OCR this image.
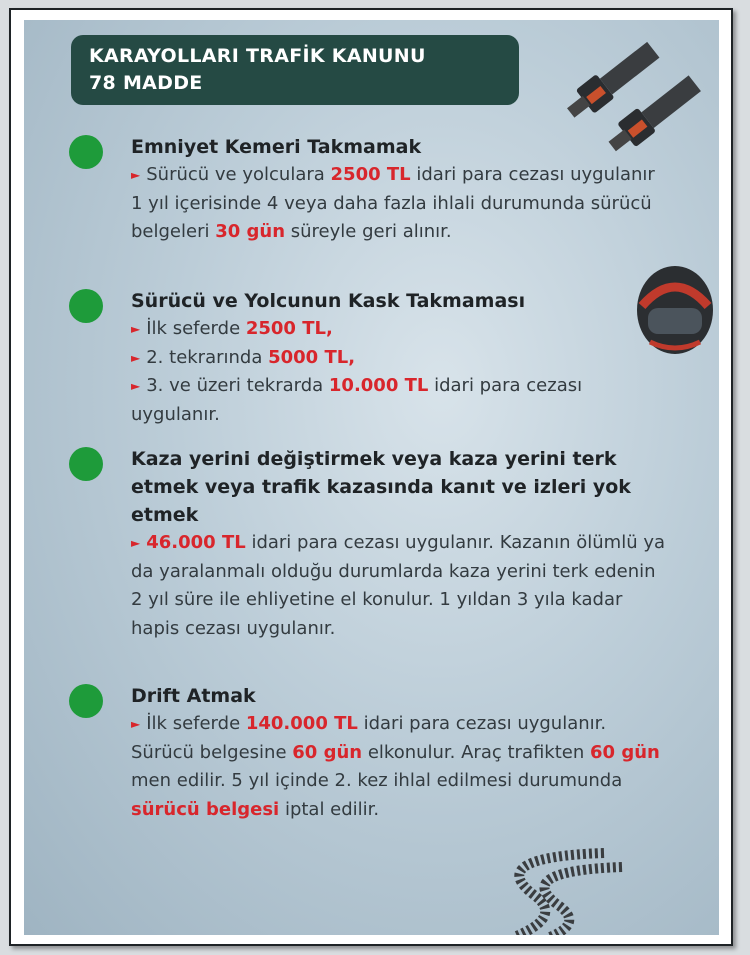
KARAYOLLARI TRAFİK KANUNU
78 MADDE
Emniyet Kemeri Takmamak
► Sürücü ve yolculara 2500 TL idari para cezası uygulanır 1 yıl içerisinde 4 veya daha fazla ihlali durumunda sürücü belgeleri 30 gün süreyle geri alınır.
Sürücü ve Yolcunun Kask Takmaması
► İlk seferde 2500 TL,
► 2. tekrarında 5000 TL,
► 3. ve üzeri tekrarda 10.000 TL idari para cezası uygulanır.
Kaza yerini değiştirmek veya kaza yerini terk etmek veya trafik kazasında kanıt ve izleri yok etmek
► 46.000 TL idari para cezası uygulanır. Kazanın ölümlü ya da yaralanmalı olduğu durumlarda kaza yerini terk edenin 2 yıl süre ile ehliyetine el konulur. 1 yıldan 3 yıla kadar hapis cezası uygulanır.
Drift Atmak
► İlk seferde 140.000 TL idari para cezası uygulanır. Sürücü belgesine 60 gün elkonulur. Araç trafikten 60 gün men edilir. 5 yıl içinde 2. kez ihlal edilmesi durumunda sürücü belgesi iptal edilir.
